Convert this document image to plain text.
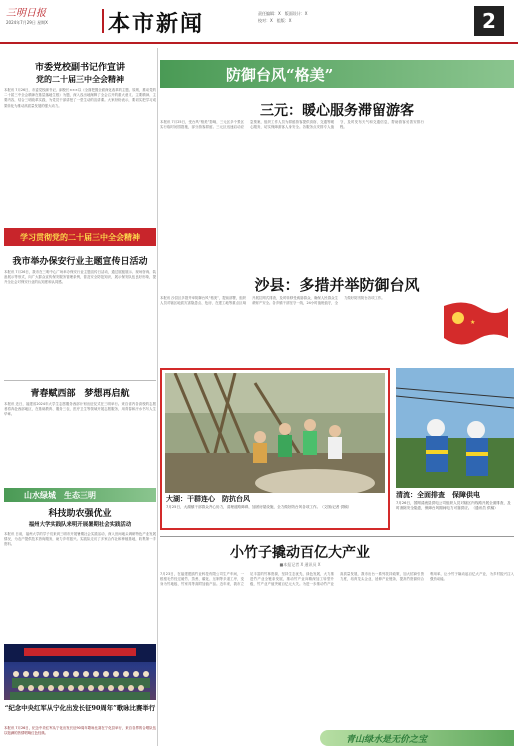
三明日报
2024年7月29日 星期X	本市新闻	责任编辑：X　版面设计：X
校对：X　组版：X	2
市委党校副书记作宣讲
党的二十届三中全会精神
本报讯 7月26日，市委党校副书记、副校长×××以《全面把握全面深化改革的主题、原则，推动党的二十届三中全会精神在基层落地生根》为题，深入浅出地阐释了全会召开的重大意义、主要精神、主要内容，结合三明改革实践，为党员干部讲授了一堂生动的宣讲课。大家纷纷表示，要切实把学习成果转化为推动高质量发展的强大动力。
学习贯彻党的二十届三中全会精神
我市举办保安行业主题宣传日活动
本报讯 7月26日，我市在三明中心广场举办保安行业主题宣传日活动，通过展板展示、现场咨询、装备展示等形式，向广大群众宣传保安服务管理条例，普及安全防范知识，展示保安队伍良好形象，提升全社会对保安行业的认知度和认同感。
青春赋西部　梦想再启航
本报讯 近日，福建省2024年大学生志愿服务西部计划出征仪式在三明举行。来自省内各高校的志愿者将奔赴西部地区，在基础教育、服务三农、医疗卫生等领域开展志愿服务，用青春和汗水书写人生华章。
山水绿城　生态三明
科技助农强优业
福州大学实践队来明开展暑期社会实践活动
本报讯 日前，福州大学的学子们来到三明市开展暑期社会实践活动，深入田间地头调研特色产业发展情况，为农户提供技术咨询服务，助力乡村振兴。实践队走访了多家合作社和种植基地，收集第一手资料。
“纪念中央红军从宁化出发长征90周年”歌咏比赛举行
本报讯 7月26日，纪念中央红军从宁化出发长征90周年歌咏比赛在宁化县举行，来自各界的合唱队伍以饱满的热情唱响红色经典。
防御台风“格美”
三元：暖心服务滞留游客
本报讯 7月25日，受台风“格美”影响，三元区多个景区实行临时闭园措施，部分游客滞留。三元区迅速启动应急预案，组织工作人员为滞留游客提供食宿、交通等暖心服务，切实保障游客人身安全。各服务点安排专人值守，及时发布天气和交通信息，帮助游客妥善安排行程。
沙县：多措并举防御台风
本报讯 沙县区多措并举防御台风“格美”，提前部署，组织人员对辖区地质灾害隐患点、危房、在建工地等重点区域开展拉网式排查，及时转移受威胁群众，确保人民群众生命财产安全。各乡镇干部坚守一线，24小时值班值守，全力做好防汛防台各项工作。
★
大湖：干群连心　防抗台风
7月25日，大湖镇干部群众齐心协力，清理道路障碍，加固房屋设施，全力做好防台风各项工作。（文图/记者 供稿）
清流：全面排查　保障供电
7月26日，国网清流县供电公司组织人员对辖区内线路开展全面排查，及时消除安全隐患，保障台风期间电力可靠供应。（通讯员 供稿）
小竹子撬动百亿大产业
■本报记者 X 通讯员 X
7月23日，在福建建鸥竹业科技有限公司生产车间，一根根毛竹经过破竹、蒸煮、碳化、压制等多道工序，变身为竹地板、竹家具等高附加值产品。近年来，我市立足丰富的竹林资源，坚持生态优先、绿色发展，大力推进竹产业全链条发展，推动竹产业向精深加工转型升级，竹产业产值突破百亿元大关。为进一步推动竹产业高质量发展，我市出台一系列扶持政策，加大招商引资力度，培育龙头企业，延伸产业链条，提高竹资源综合利用率，让小竹子撬动起百亿大产业，为乡村振兴注入强劲动能。
青山绿水是无价之宝
